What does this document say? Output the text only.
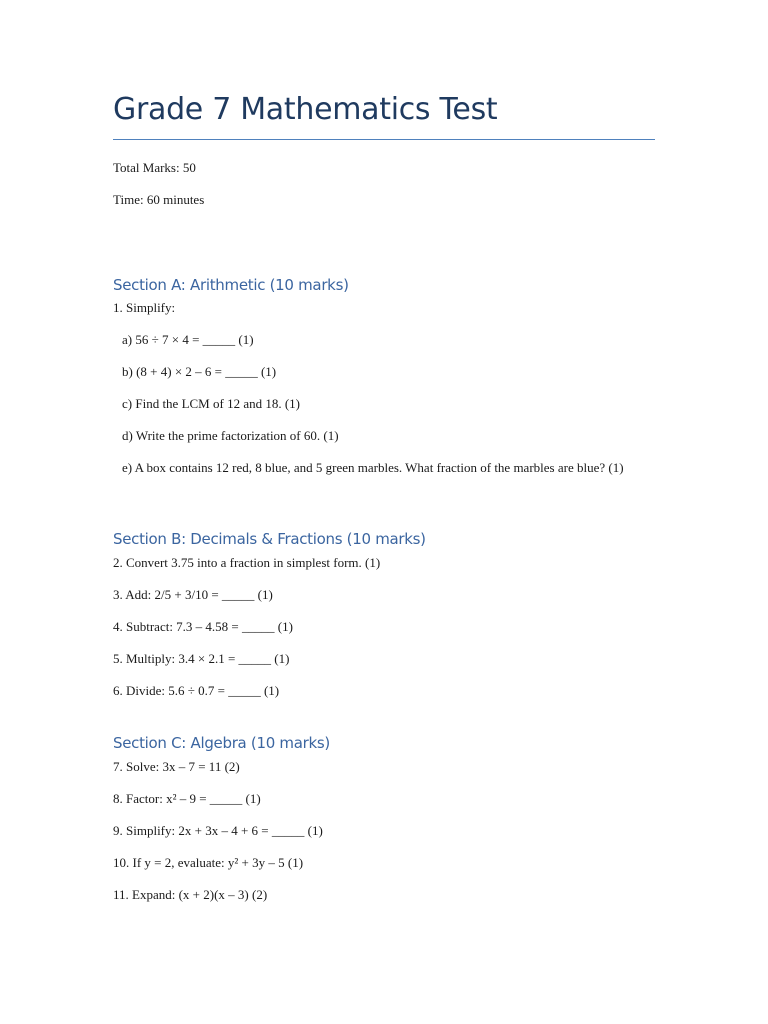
Grade 7 Mathematics Test

Total Marks: 50

Time: 60 minutes

Section A: Arithmetic (10 marks)

1. Simplify:

a) 56 ÷ 7 × 4 = _____ (1)

b) (8 + 4) × 2 – 6 = _____ (1)

c) Find the LCM of 12 and 18. (1)

d) Write the prime factorization of 60. (1)

e) A box contains 12 red, 8 blue, and 5 green marbles. What fraction of the marbles are blue? (1)

Section B: Decimals & Fractions (10 marks)

2. Convert 3.75 into a fraction in simplest form. (1)

3. Add: 2/5 + 3/10 = _____ (1)

4. Subtract: 7.3 – 4.58 = _____ (1)

5. Multiply: 3.4 × 2.1 = _____ (1)

6. Divide: 5.6 ÷ 0.7 = _____ (1)

Section C: Algebra (10 marks)

7. Solve: 3x – 7 = 11 (2)

8. Factor: x² – 9 = _____ (1)

9. Simplify: 2x + 3x – 4 + 6 = _____ (1)

10. If y = 2, evaluate: y² + 3y – 5 (1)

11. Expand: (x + 2)(x – 3) (2)
